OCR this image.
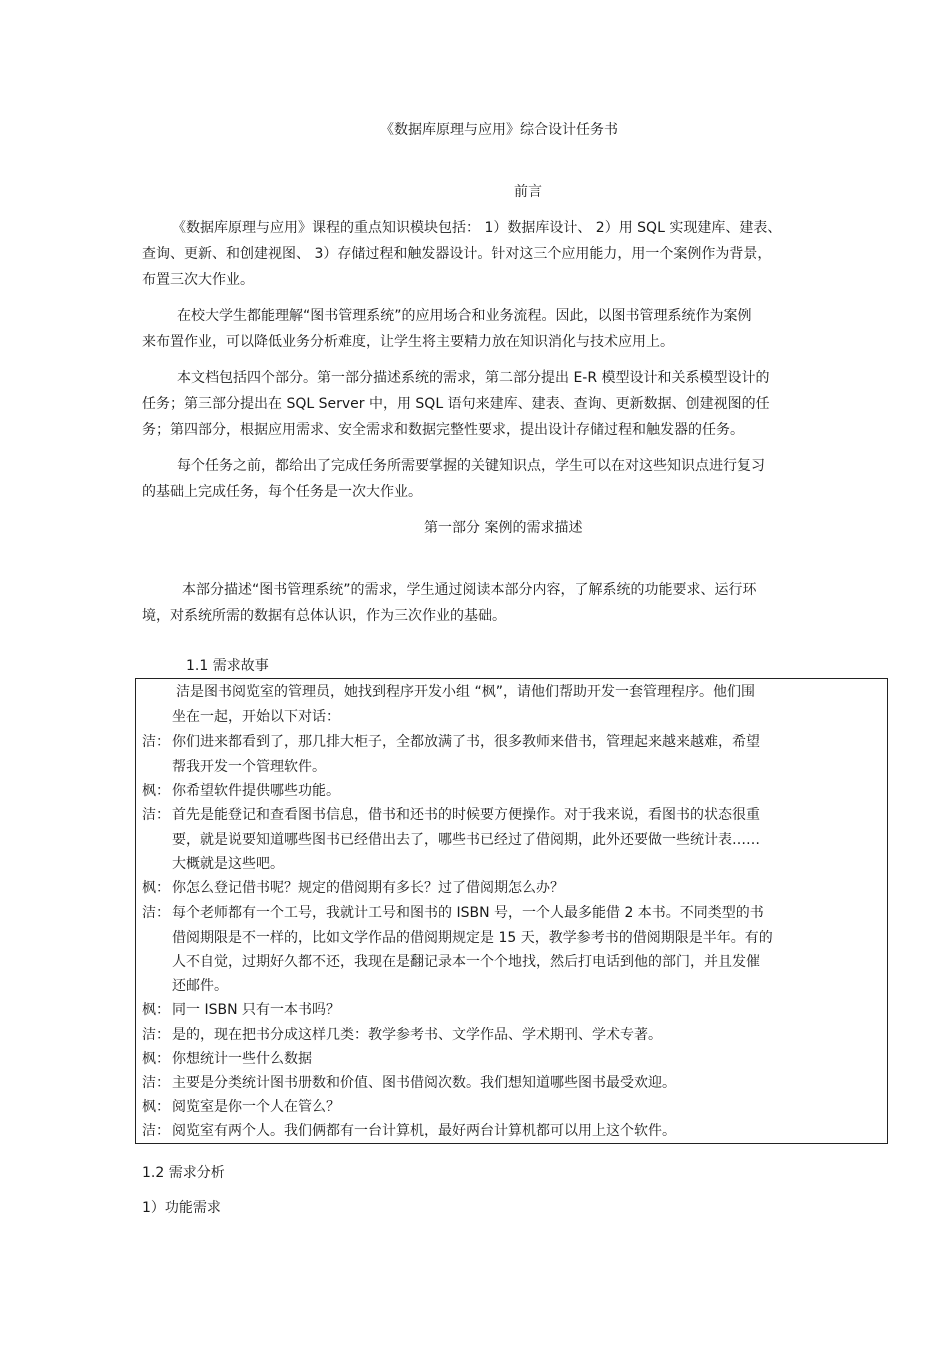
《数据库原理与应用》综合设计任务书
前言
《数据库原理与应用》课程的重点知识模块包括： 1）数据库设计、 2）用 SQL 实现建库、建表、
查询、更新、和创建视图、 3）存储过程和触发器设计。针对这三个应用能力，用一个案例作为背景，
布置三次大作业。
在校大学生都能理解“图书管理系统”的应用场合和业务流程。因此，以图书管理系统作为案例
来布置作业，可以降低业务分析难度，让学生将主要精力放在知识消化与技术应用上。
本文档包括四个部分。第一部分描述系统的需求，第二部分提出 E-R 模型设计和关系模型设计的
任务；第三部分提出在 SQL Server 中，用 SQL 语句来建库、建表、查询、更新数据、创建视图的任
务；第四部分，根据应用需求、安全需求和数据完整性要求，提出设计存储过程和触发器的任务。
每个任务之前，都给出了完成任务所需要掌握的关键知识点，学生可以在对这些知识点进行复习
的基础上完成任务，每个任务是一次大作业。
第一部分 案例的需求描述
本部分描述“图书管理系统”的需求，学生通过阅读本部分内容，了解系统的功能要求、运行环
境，对系统所需的数据有总体认识，作为三次作业的基础。
1.1 需求故事
洁是图书阅览室的管理员，她找到程序开发小组 “枫”，请他们帮助开发一套管理程序。他们围
坐在一起，开始以下对话：
洁： 你们进来都看到了，那几排大柜子，全都放满了书，很多教师来借书，管理起来越来越难，希望
帮我开发一个管理软件。
枫： 你希望软件提供哪些功能。
洁： 首先是能登记和查看图书信息，借书和还书的时候要方便操作。对于我来说，看图书的状态很重
要，就是说要知道哪些图书已经借出去了，哪些书已经过了借阅期，此外还要做一些统计表……
大概就是这些吧。
枫： 你怎么登记借书呢？规定的借阅期有多长？过了借阅期怎么办？
洁： 每个老师都有一个工号，我就计工号和图书的 ISBN 号，一个人最多能借 2 本书。不同类型的书
借阅期限是不一样的，比如文学作品的借阅期规定是 15 天，教学参考书的借阅期限是半年。有的
人不自觉，过期好久都不还，我现在是翻记录本一个个地找，然后打电话到他的部门，并且发催
还邮件。
枫： 同一 ISBN 只有一本书吗？
洁： 是的，现在把书分成这样几类：教学参考书、文学作品、学术期刊、学术专著。
枫： 你想统计一些什么数据
洁： 主要是分类统计图书册数和价值、图书借阅次数。我们想知道哪些图书最受欢迎。
枫： 阅览室是你一个人在管么？
洁： 阅览室有两个人。我们俩都有一台计算机，最好两台计算机都可以用上这个软件。
1.2 需求分析
1）功能需求
